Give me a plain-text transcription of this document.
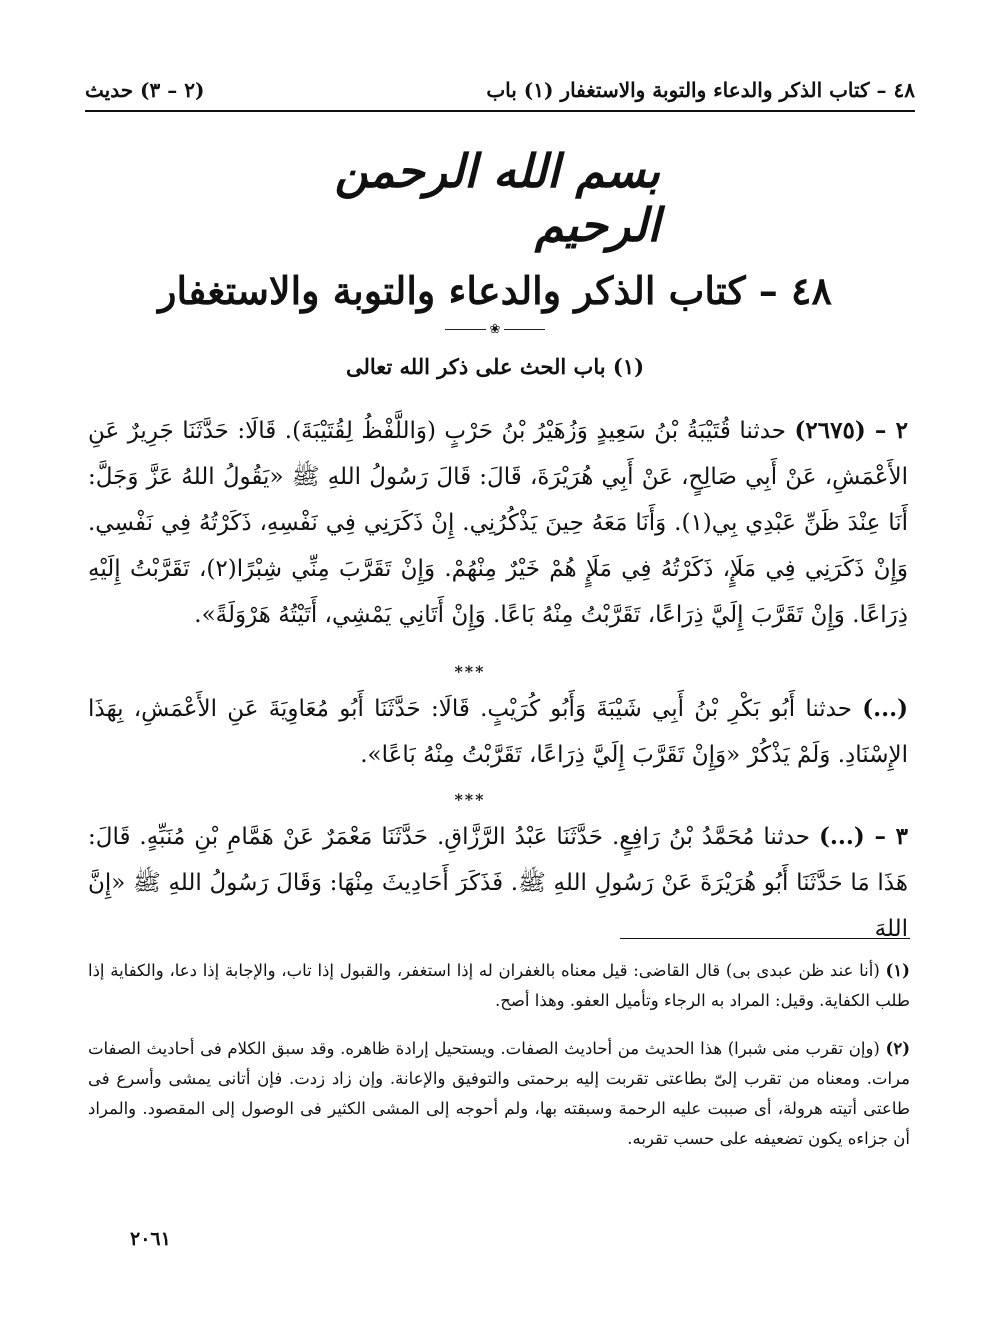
(٢ – ٣) حديث	٤٨ – كتاب الذكر والدعاء والتوبة والاستغفار (١) باب
بسم الله الرحمن الرحيم
٤٨ – كتاب الذكر والدعاء والتوبة والاستغفار
❀
(١) باب الحث على ذكر الله تعالى
٢ – (٢٦٧٥) حدثنا قُتَيْبَةُ بْنُ سَعِيدٍ وَزُهَيْرُ بْنُ حَرْبٍ (وَاللَّفْظُ لِقُتَيْبَةَ). قَالَا: حَدَّثَنَا جَرِيرٌ عَنِ الأَعْمَشِ، عَنْ أَبِي صَالِحٍ، عَنْ أَبِي هُرَيْرَةَ، قَالَ: قَالَ رَسُولُ اللهِ ﷺ «يَقُولُ اللهُ عَزَّ وَجَلَّ: أَنَا عِنْدَ ظَنِّ عَبْدِي بِي(١). وَأَنَا مَعَهُ حِينَ يَذْكُرُنِي. إِنْ ذَكَرَنِي فِي نَفْسِهِ، ذَكَرْتُهُ فِي نَفْسِي. وَإِنْ ذَكَرَنِي فِي مَلَإٍ، ذَكَرْتُهُ فِي مَلَإٍ هُمْ خَيْرٌ مِنْهُمْ. وَإِنْ تَقَرَّبَ مِنِّي شِبْرًا(٢)، تَقَرَّبْتُ إِلَيْهِ ذِرَاعًا. وَإِنْ تَقَرَّبَ إِلَيَّ ذِرَاعًا، تَقَرَّبْتُ مِنْهُ بَاعًا. وَإِنْ أَتَانِي يَمْشِي، أَتَيْتُهُ هَرْوَلَةً».
***
(...) حدثنا أَبُو بَكْرِ بْنُ أَبِي شَيْبَةَ وَأَبُو كُرَيْبٍ. قَالَا: حَدَّثَنَا أَبُو مُعَاوِيَةَ عَنِ الأَعْمَشِ، بِهَذَا الإِسْنَادِ. وَلَمْ يَذْكُرْ «وَإِنْ تَقَرَّبَ إِلَيَّ ذِرَاعًا، تَقَرَّبْتُ مِنْهُ بَاعًا».
***
٣ – (...) حدثنا مُحَمَّدُ بْنُ رَافِعٍ. حَدَّثَنَا عَبْدُ الرَّزَّاقِ. حَدَّثَنَا مَعْمَرٌ عَنْ هَمَّامِ بْنِ مُنَبِّهٍ. قَالَ: هَذَا مَا حَدَّثَنَا أَبُو هُرَيْرَةَ عَنْ رَسُولِ اللهِ ﷺ. فَذَكَرَ أَحَادِيثَ مِنْهَا: وَقَالَ رَسُولُ اللهِ ﷺ «إِنَّ اللهَ
(١) (أنا عند ظن عبدى بى) قال القاضى: قيل معناه بالغفران له إذا استغفر، والقبول إذا تاب، والإجابة إذا دعا، والكفاية إذا طلب الكفاية. وقيل: المراد به الرجاء وتأميل العفو. وهذا أصح.
(٢) (وإن تقرب منى شبرا) هذا الحديث من أحاديث الصفات. ويستحيل إرادة ظاهره. وقد سبق الكلام فى أحاديث الصفات مرات. ومعناه من تقرب إلىّ بطاعتى تقربت إليه برحمتى والتوفيق والإعانة. وإن زاد زدت. فإن أتانى يمشى وأسرع فى طاعتى أتيته هرولة، أى صببت عليه الرحمة وسبقته بها، ولم أحوجه إلى المشى الكثير فى الوصول إلى المقصود. والمراد أن جزاءه يكون تضعيفه على حسب تقربه.
٢٠٦١
